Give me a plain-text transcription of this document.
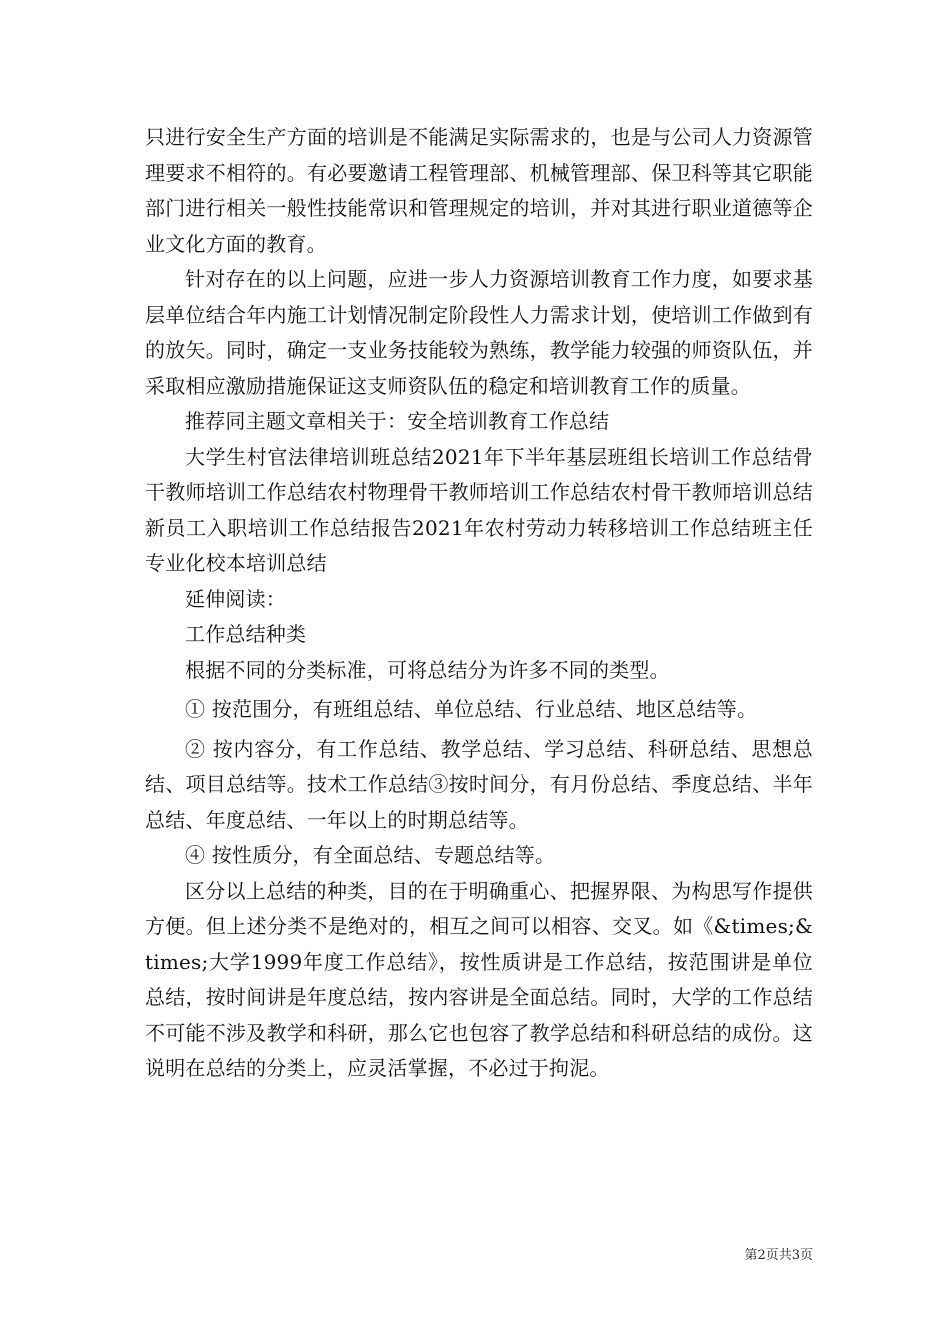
只进行安全生产方面的培训是不能满足实际需求的，也是与公司人力资源管理要求不相符的。有必要邀请工程管理部、机械管理部、保卫科等其它职能部门进行相关一般性技能常识和管理规定的培训，并对其进行职业道德等企业文化方面的教育。

针对存在的以上问题，应进一步人力资源培训教育工作力度，如要求基层单位结合年内施工计划情况制定阶段性人力需求计划，使培训工作做到有的放矢。同时，确定一支业务技能较为熟练，教学能力较强的师资队伍，并采取相应激励措施保证这支师资队伍的稳定和培训教育工作的质量。

推荐同主题文章相关于：安全培训教育工作总结

大学生村官法律培训班总结2021年下半年基层班组长培训工作总结骨干教师培训工作总结农村物理骨干教师培训工作总结农村骨干教师培训总结新员工入职培训工作总结报告2021年农村劳动力转移培训工作总结班主任专业化校本培训总结

延伸阅读：

工作总结种类

根据不同的分类标准，可将总结分为许多不同的类型。

① 按范围分，有班组总结、单位总结、行业总结、地区总结等。

② 按内容分，有工作总结、教学总结、学习总结、科研总结、思想总结、项目总结等。技术工作总结③按时间分，有月份总结、季度总结、半年总结、年度总结、一年以上的时期总结等。

④ 按性质分，有全面总结、专题总结等。

区分以上总结的种类，目的在于明确重心、把握界限、为构思写作提供方便。但上述分类不是绝对的，相互之间可以相容、交叉。如《&times;&times;大学1999年度工作总结》，按性质讲是工作总结，按范围讲是单位总结，按时间讲是年度总结，按内容讲是全面总结。同时，大学的工作总结不可能不涉及教学和科研，那么它也包容了教学总结和科研总结的成份。这说明在总结的分类上，应灵活掌握，不必过于拘泥。

第2页共3页
